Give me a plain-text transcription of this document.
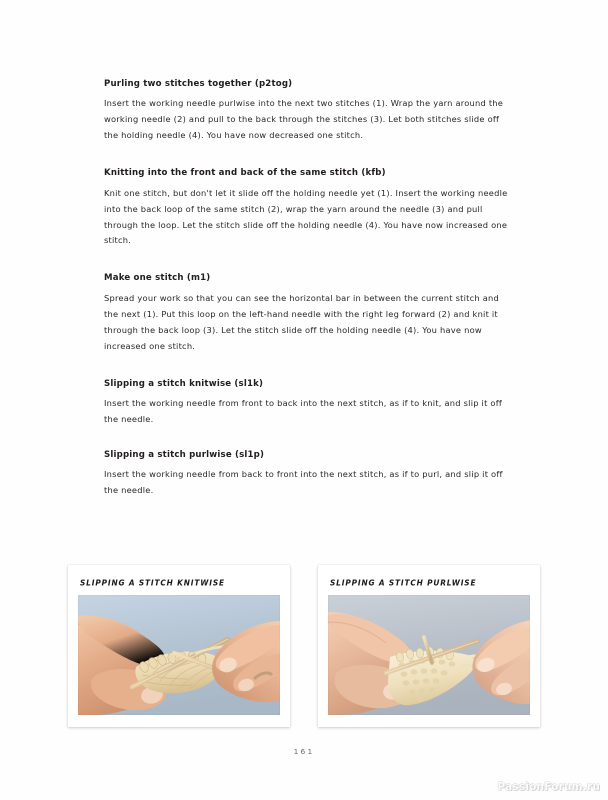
Purling two stitches together (p2tog)

Insert the working needle purlwise into the next two stitches (1). Wrap the yarn around the working needle (2) and pull to the back through the stitches (3). Let both stitches slide off the holding needle (4). You have now decreased one stitch.

Knitting into the front and back of the same stitch (kfb)

Knit one stitch, but don't let it slide off the holding needle yet (1). Insert the working needle into the back loop of the same stitch (2), wrap the yarn around the needle (3) and pull through the loop. Let the stitch slide off the holding needle (4). You have now increased one stitch.

Make one stitch (m1)

Spread your work so that you can see the horizontal bar in between the current stitch and the next (1). Put this loop on the left-hand needle with the right leg forward (2) and knit it through the back loop (3). Let the stitch slide off the holding needle (4). You have now increased one stitch.

Slipping a stitch knitwise (sl1k)

Insert the working needle from front to back into the next stitch, as if to knit, and slip it off the needle.

Slipping a stitch purlwise (sl1p)

Insert the working needle from back to front into the next stitch, as if to purl, and slip it off the needle.

SLIPPING A STITCH KNITWISE	SLIPPING A STITCH PURLWISE
161
PassionForum.ru
